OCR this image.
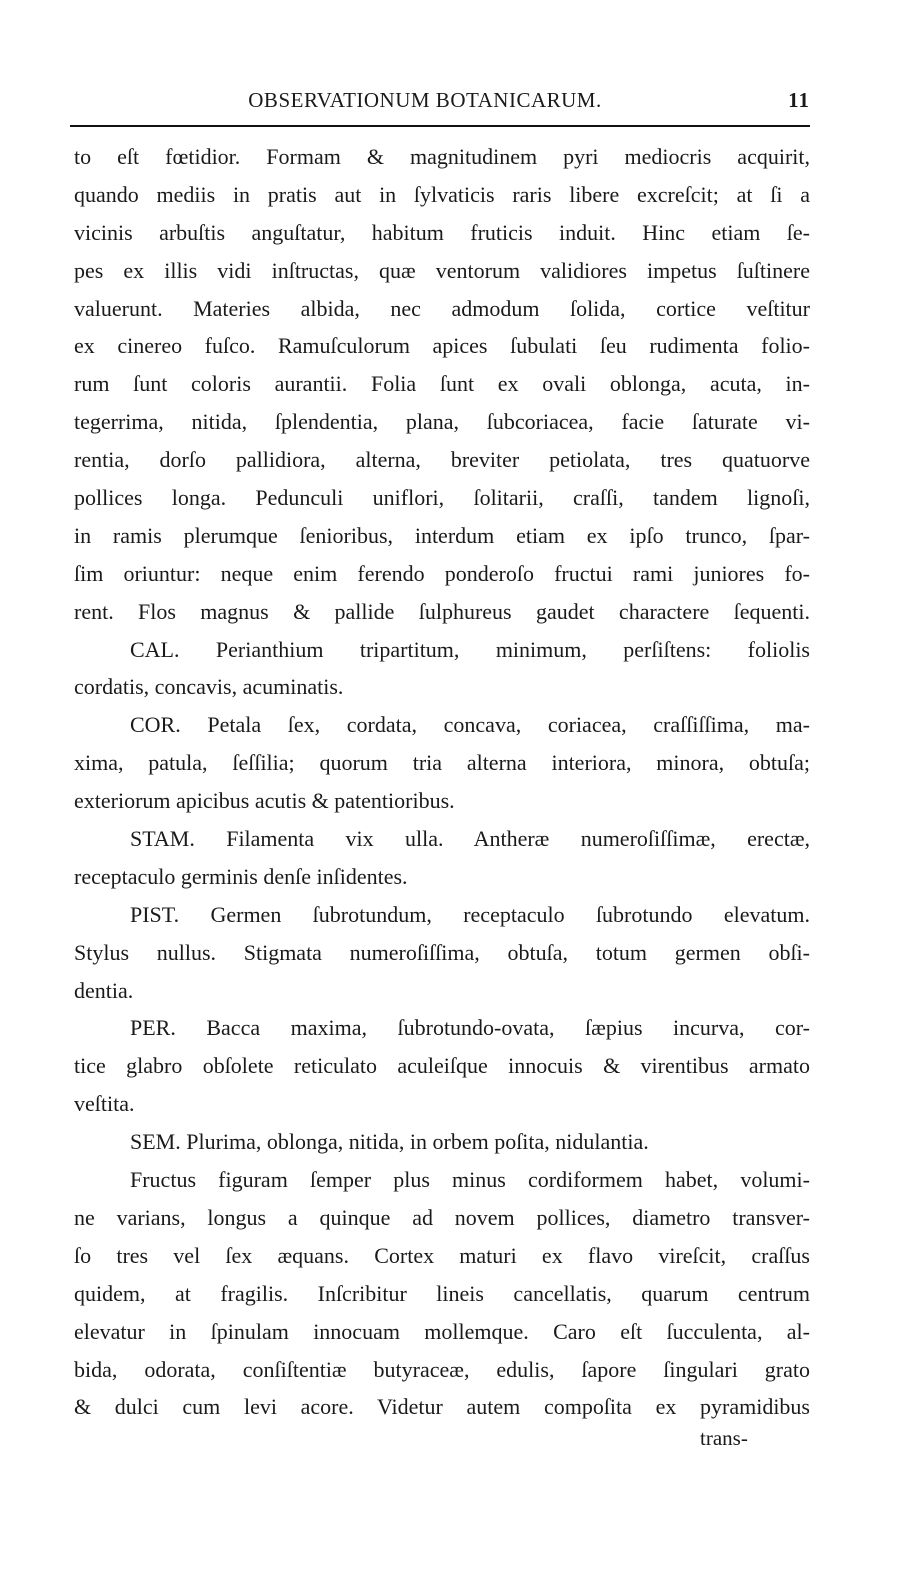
OBSERVATIONUM BOTANICARUM.	11
to eſt fœtidior. Formam & magnitudinem pyri mediocris acquirit,
quando mediis in pratis aut in ſylvaticis raris libere excreſcit; at ſi a
vicinis arbuſtis anguſtatur, habitum fruticis induit. Hinc etiam ſe-
pes ex illis vidi inſtructas, quæ ventorum validiores impetus ſuſtinere
valuerunt. Materies albida, nec admodum ſolida, cortice veſtitur
ex cinereo fuſco. Ramuſculorum apices ſubulati ſeu rudimenta folio-
rum ſunt coloris aurantii. Folia ſunt ex ovali oblonga, acuta, in-
tegerrima, nitida, ſplendentia, plana, ſubcoriacea, facie ſaturate vi-
rentia, dorſo pallidiora, alterna, breviter petiolata, tres quatuorve
pollices longa. Pedunculi uniflori, ſolitarii, craſſi, tandem lignoſi,
in ramis plerumque ſenioribus, interdum etiam ex ipſo trunco, ſpar-
ſim oriuntur: neque enim ferendo ponderoſo fructui rami juniores fo-
rent. Flos magnus & pallide ſulphureus gaudet charactere ſequenti.
CAL. Perianthium tripartitum, minimum, perſiſtens: foliolis
cordatis, concavis, acuminatis.
COR. Petala ſex, cordata, concava, coriacea, craſſiſſima, ma-
xima, patula, ſeſſilia; quorum tria alterna interiora, minora, obtuſa;
exteriorum apicibus acutis & patentioribus.
STAM. Filamenta vix ulla. Antheræ numeroſiſſimæ, erectæ,
receptaculo germinis denſe inſidentes.
PIST. Germen ſubrotundum, receptaculo ſubrotundo elevatum.
Stylus nullus. Stigmata numeroſiſſima, obtuſa, totum germen obſi-
dentia.
PER. Bacca maxima, ſubrotundo-ovata, ſæpius incurva, cor-
tice glabro obſolete reticulato aculeiſque innocuis & virentibus armato
veſtita.
SEM. Plurima, oblonga, nitida, in orbem poſita, nidulantia.
Fructus figuram ſemper plus minus cordiformem habet, volumi-
ne varians, longus a quinque ad novem pollices, diametro transver-
ſo tres vel ſex æquans. Cortex maturi ex flavo vireſcit, craſſus
quidem, at fragilis. Inſcribitur lineis cancellatis, quarum centrum
elevatur in ſpinulam innocuam mollemque. Caro eſt ſucculenta, al-
bida, odorata, conſiſtentiæ butyraceæ, edulis, ſapore ſingulari grato
& dulci cum levi acore. Videtur autem compoſita ex pyramidibus
trans-
